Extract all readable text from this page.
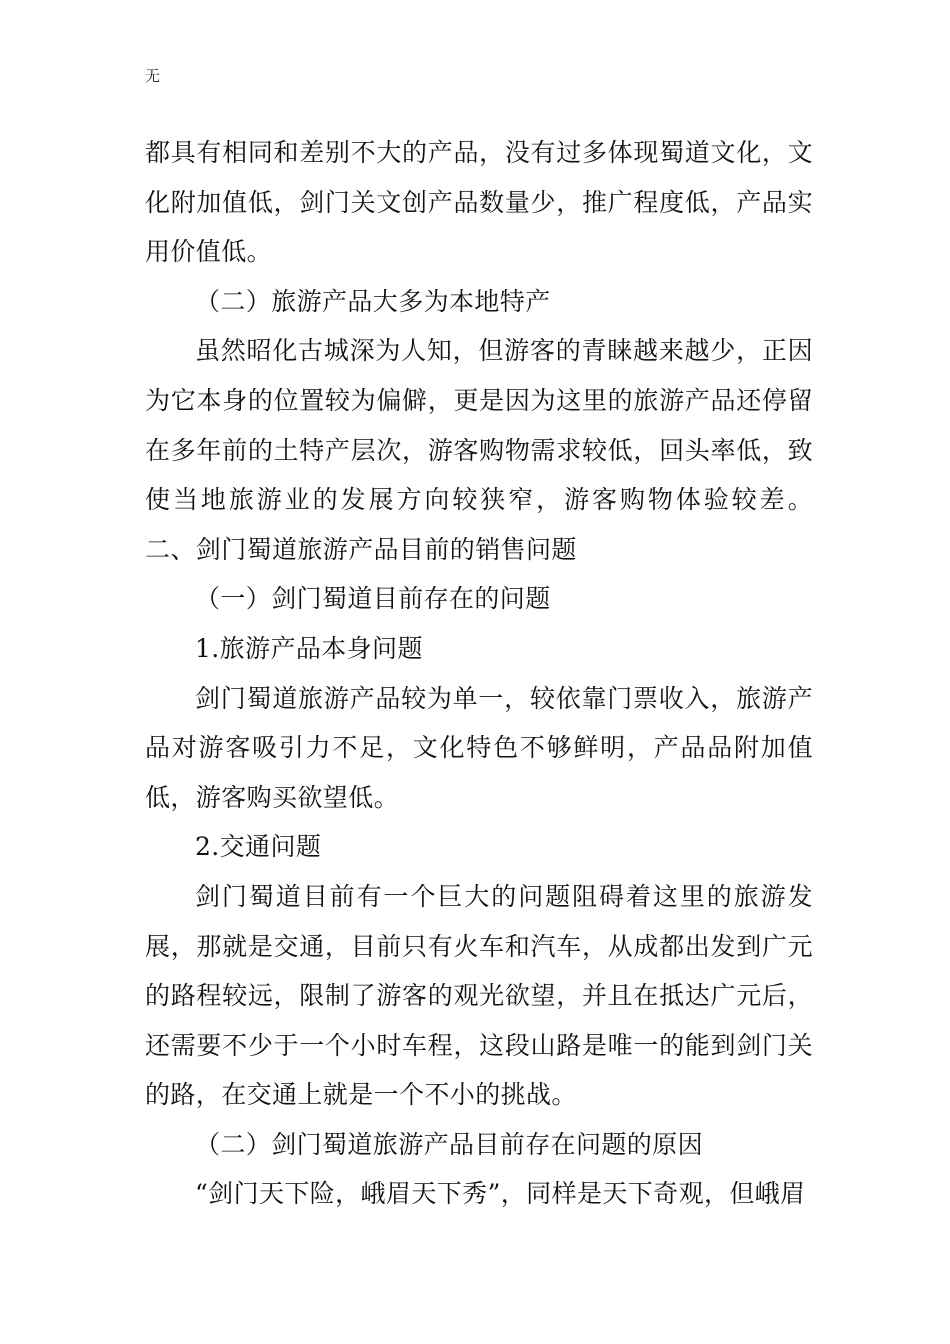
无

都具有相同和差别不大的产品，没有过多体现蜀道文化，文化附加值低，剑门关文创产品数量少，推广程度低，产品实用价值低。

（二）旅游产品大多为本地特产

虽然昭化古城深为人知，但游客的青睐越来越少，正因为它本身的位置较为偏僻，更是因为这里的旅游产品还停留在多年前的土特产层次，游客购物需求较低，回头率低，致使当地旅游业的发展方向较狭窄，游客购物体验较差。 二、剑门蜀道旅游产品目前的销售问题

（一）剑门蜀道目前存在的问题

1.旅游产品本身问题

剑门蜀道旅游产品较为单一，较依靠门票收入，旅游产品对游客吸引力不足，文化特色不够鲜明，产品品附加值低，游客购买欲望低。

2.交通问题

剑门蜀道目前有一个巨大的问题阻碍着这里的旅游发展，那就是交通，目前只有火车和汽车，从成都出发到广元的路程较远，限制了游客的观光欲望，并且在抵达广元后，还需要不少于一个小时车程，这段山路是唯一的能到剑门关的路，在交通上就是一个不小的挑战。

（二）剑门蜀道旅游产品目前存在问题的原因

“剑门天下险，峨眉天下秀”，同样是天下奇观，但峨眉
